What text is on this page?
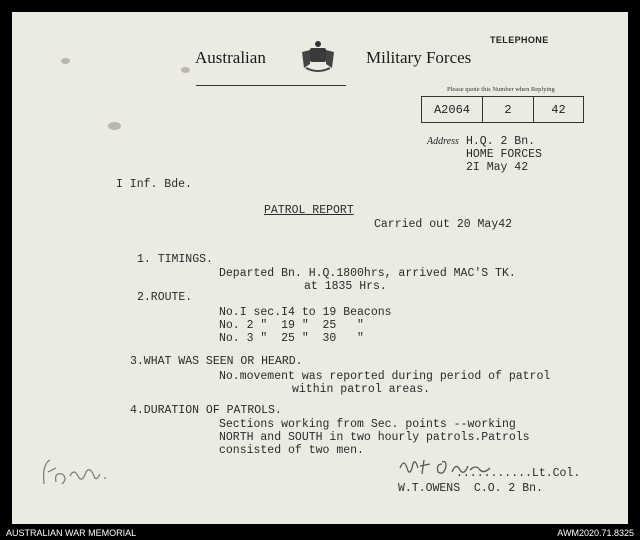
Australian	Military Forces
TELEPHONE
Please quote this Number when Replying
A2064	2	42
Address H.Q. 2 Bn.
HOME FORCES
2I May 42
I Inf. Bde.
PATROL REPORT
Carried out 20 May42
1. TIMINGS.
Departed Bn. H.Q.1800hrs, arrived MAC'S TK.
at 1835 Hrs.
2.ROUTE.
No.I sec.I4 to 19 Beacons
No. 2 "  19 "  25   "
No. 3 "  25 "  30   "
3.WHAT WAS SEEN OR HEARD.
No.movement was reported during period of patrol
within patrol areas.
4.DURATION OF PATROLS.
Sections working from Sec. points --working
NORTH and SOUTH in two hourly patrols.Patrols
consisted of two men.
...........Lt.Col.
W.T.OWENS  C.O. 2 Bn.
AUSTRALIAN WAR MEMORIAL	AWM2020.71.8325
